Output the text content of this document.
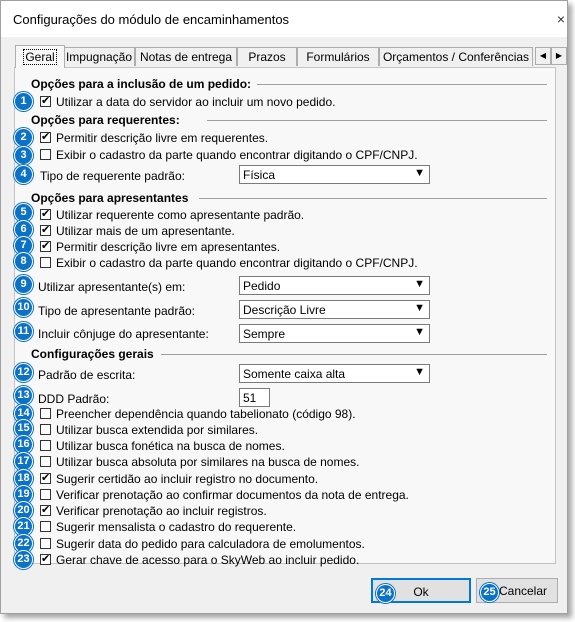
Configurações do módulo de encaminhamentos	×
Geral Impugnação Notas de entrega	Prazos	Formulários	Orçamentos / Conferências	◀	▶
Opções para a inclusão de um pedido:
1 ✔	Utilizar a data do servidor ao incluir um novo pedido.
Opções para requerentes:
2 ✔	Permitir descrição livre em requerentes.
3	Exibir o cadastro da parte quando encontrar digitando o CPF/CNPJ.
4	Tipo de requerente padrão:	Física	▼
Opções para apresentantes
5 ✔	Utilizar requerente como apresentante padrão.
6 ✔	Utilizar mais de um apresentante.
7 ✔	Permitir descrição livre em apresentantes.
8	Exibir o cadastro da parte quando encontrar digitando o CPF/CNPJ.
9 Utilizar apresentante(s) em:	Pedido	▼
10 Tipo de apresentante padrão:	Descrição Livre	▼
11 Incluir cônjuge do apresentante:	Sempre	▼
Configurações gerais
12 Padrão de escrita:	Somente caixa alta	▼
13 DDD Padrão:	51
14 Preencher dependência quando tabelionato (código 98).
15 Utilizar busca extendida por similares.
16 Utilizar busca fonética na busca de nomes.
17 Utilizar busca absoluta por similares na busca de nomes.
18 ✔ Sugerir certidão ao incluir registro no documento.
19 Verificar prenotação ao confirmar documentos da nota de entrega.
20 ✔ Verificar prenotação ao incluir registros.
21 Sugerir mensalista o cadastro do requerente.
22 Sugerir data do pedido para calculadora de emolumentos.
23 ✔ Gerar chave de acesso para o SkyWeb ao incluir pedido.
24	Ok	25 Cancelar
